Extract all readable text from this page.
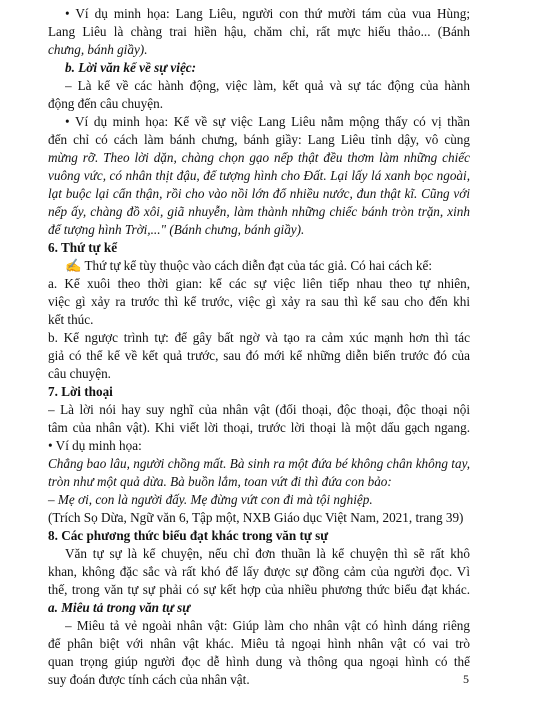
• Ví dụ minh họa: Lang Liêu, người con thứ mười tám của vua Hùng;
Lang Liêu là chàng trai hiền hậu, chăm chỉ, rất mực hiếu thảo... (Bánh
chưng, bánh giầy).
b. Lời văn kể về sự việc:
– Là kể về các hành động, việc làm, kết quả và sự tác động của hành
động đến câu chuyện.
• Ví dụ minh họa: Kể về sự việc Lang Liêu nằm mộng thấy có vị thần
đến chỉ có cách làm bánh chưng, bánh giầy: Lang Liêu tỉnh dậy, vô cùng
mừng rỡ. Theo lời dặn, chàng chọn gạo nếp thật đều thơm làm những chiếc
vuông vức, có nhân thịt đậu, để tượng hình cho Đất. Lại lấy lá xanh bọc ngoài,
lạt buộc lại cẩn thận, rồi cho vào nồi lớn đổ nhiều nước, đun thật kĩ. Cũng với
nếp ấy, chàng đồ xôi, giã nhuyễn, làm thành những chiếc bánh tròn trặn, xinh
để tượng hình Trời,..." (Bánh chưng, bánh giầy).
6. Thứ tự kể
✍ Thứ tự kể tùy thuộc vào cách diễn đạt của tác giả. Có hai cách kể:
a. Kể xuôi theo thời gian: kể các sự việc liên tiếp nhau theo tự nhiên,
việc gì xảy ra trước thì kể trước, việc gì xảy ra sau thì kể sau cho đến khi
kết thúc.
b. Kể ngược trình tự: để gây bất ngờ và tạo ra cảm xúc mạnh hơn thì tác
giả có thể kể về kết quả trước, sau đó mới kể những diễn biến trước đó của
câu chuyện.
7. Lời thoại
– Là lời nói hay suy nghĩ của nhân vật (đối thoại, độc thoại, độc thoại nội
tâm của nhân vật). Khi viết lời thoại, trước lời thoại là một dấu gạch ngang.
• Ví dụ minh họa:
Chẳng bao lâu, người chồng mất. Bà sinh ra một đứa bé không chân không tay,
tròn như một quả dừa. Bà buồn lắm, toan vứt đi thì đứa con bảo:
– Mẹ ơi, con là người đấy. Mẹ đừng vứt con đi mà tội nghiệp.
(Trích Sọ Dừa, Ngữ văn 6, Tập một, NXB Giáo dục Việt Nam, 2021, trang 39)
8. Các phương thức biểu đạt khác trong văn tự sự
Văn tự sự là kể chuyện, nếu chỉ đơn thuần là kể chuyện thì sẽ rất khô
khan, không đặc sắc và rất khó để lấy được sự đồng cảm của người đọc. Vì
thế, trong văn tự sự phải có sự kết hợp của nhiều phương thức biểu đạt khác.
a. Miêu tả trong văn tự sự
– Miêu tả vẻ ngoài nhân vật: Giúp làm cho nhân vật có hình dáng riêng
để phân biệt với nhân vật khác. Miêu tả ngoại hình nhân vật có vai trò
quan trọng giúp người đọc dễ hình dung và thông qua ngoại hình có thể
suy đoán được tính cách của nhân vật.	5
